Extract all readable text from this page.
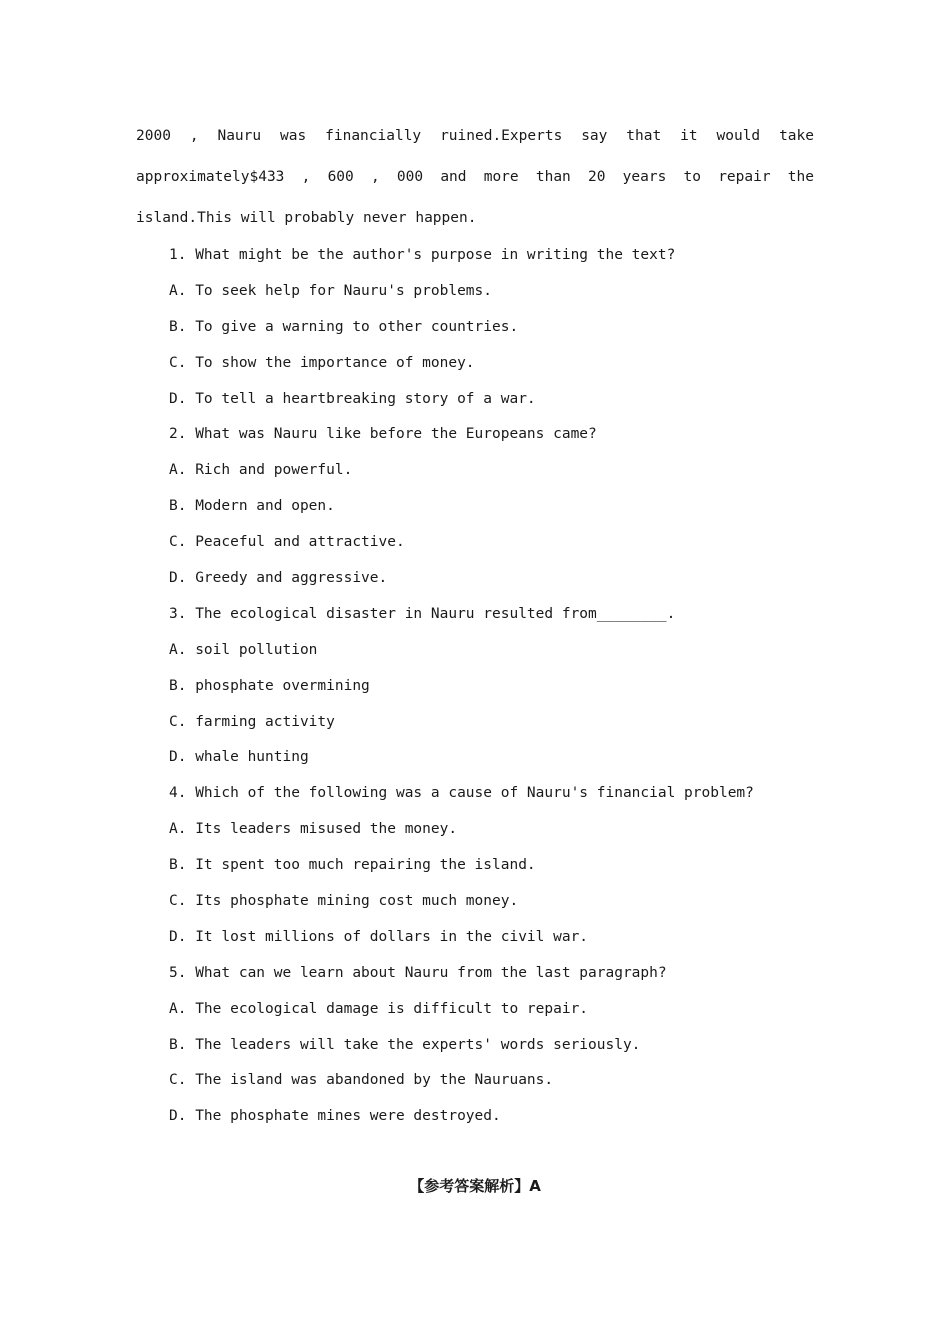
2000 , Nauru was financially ruined.Experts say that it would take approximately$433 , 600 , 000 and more than 20 years to repair the island.This will probably never happen.

1. What might be the author's purpose in writing the text?
A. To seek help for Nauru's problems.
B. To give a warning to other countries.
C. To show the importance of money.
D. To tell a heartbreaking story of a war.
2. What was Nauru like before the Europeans came?
A. Rich and powerful.
B. Modern and open.
C. Peaceful and attractive.
D. Greedy and aggressive.
3. The ecological disaster in Nauru resulted from________.
A. soil pollution
B. phosphate overmining
C. farming activity
D. whale hunting
4. Which of the following was a cause of Nauru's financial problem?
A. Its leaders misused the money.
B. It spent too much repairing the island.
C. Its phosphate mining cost much money.
D. It lost millions of dollars in the civil war.
5. What can we learn about Nauru from the last paragraph?
A. The ecological damage is difficult to repair.
B. The leaders will take the experts' words seriously.
C. The island was abandoned by the Nauruans.
D. The phosphate mines were destroyed.
【参考答案解析】A
